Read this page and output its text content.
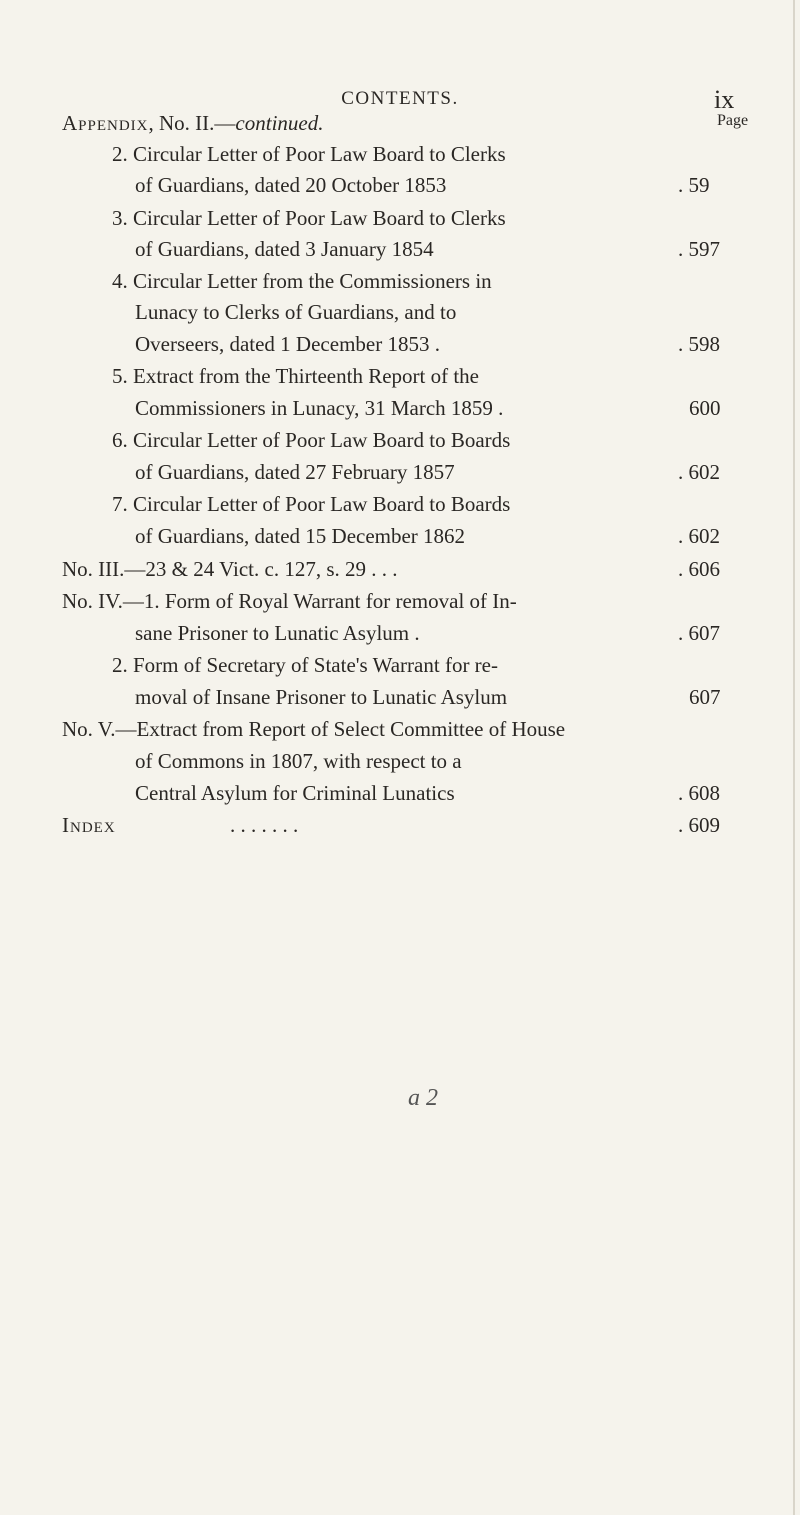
CONTENTS.	ix
Page
Appendix, No. II.—continued.
2. Circular Letter of Poor Law Board to Clerks
of Guardians, dated 20 October 1853	. 59
3. Circular Letter of Poor Law Board to Clerks
of Guardians, dated 3 January 1854	. 597
4. Circular Letter from the Commissioners in
Lunacy to Clerks of Guardians, and to
Overseers, dated 1 December 1853 .	. 598
5. Extract from the Thirteenth Report of the
Commissioners in Lunacy, 31 March 1859 .	600
6. Circular Letter of Poor Law Board to Boards
of Guardians, dated 27 February 1857	. 602
7. Circular Letter of Poor Law Board to Boards
of Guardians, dated 15 December 1862	. 602
No. III.—23 & 24 Vict. c. 127, s. 29 . . .	. 606
No. IV.—1. Form of Royal Warrant for removal of In-
sane Prisoner to Lunatic Asylum .	. 607
2. Form of Secretary of State's Warrant for re-
moval of Insane Prisoner to Lunatic Asylum	607
No. V.—Extract from Report of Select Committee of House
of Commons in 1807, with respect to a
Central Asylum for Criminal Lunatics	. 608
Index	. . . . . . .	. 609
a 2
